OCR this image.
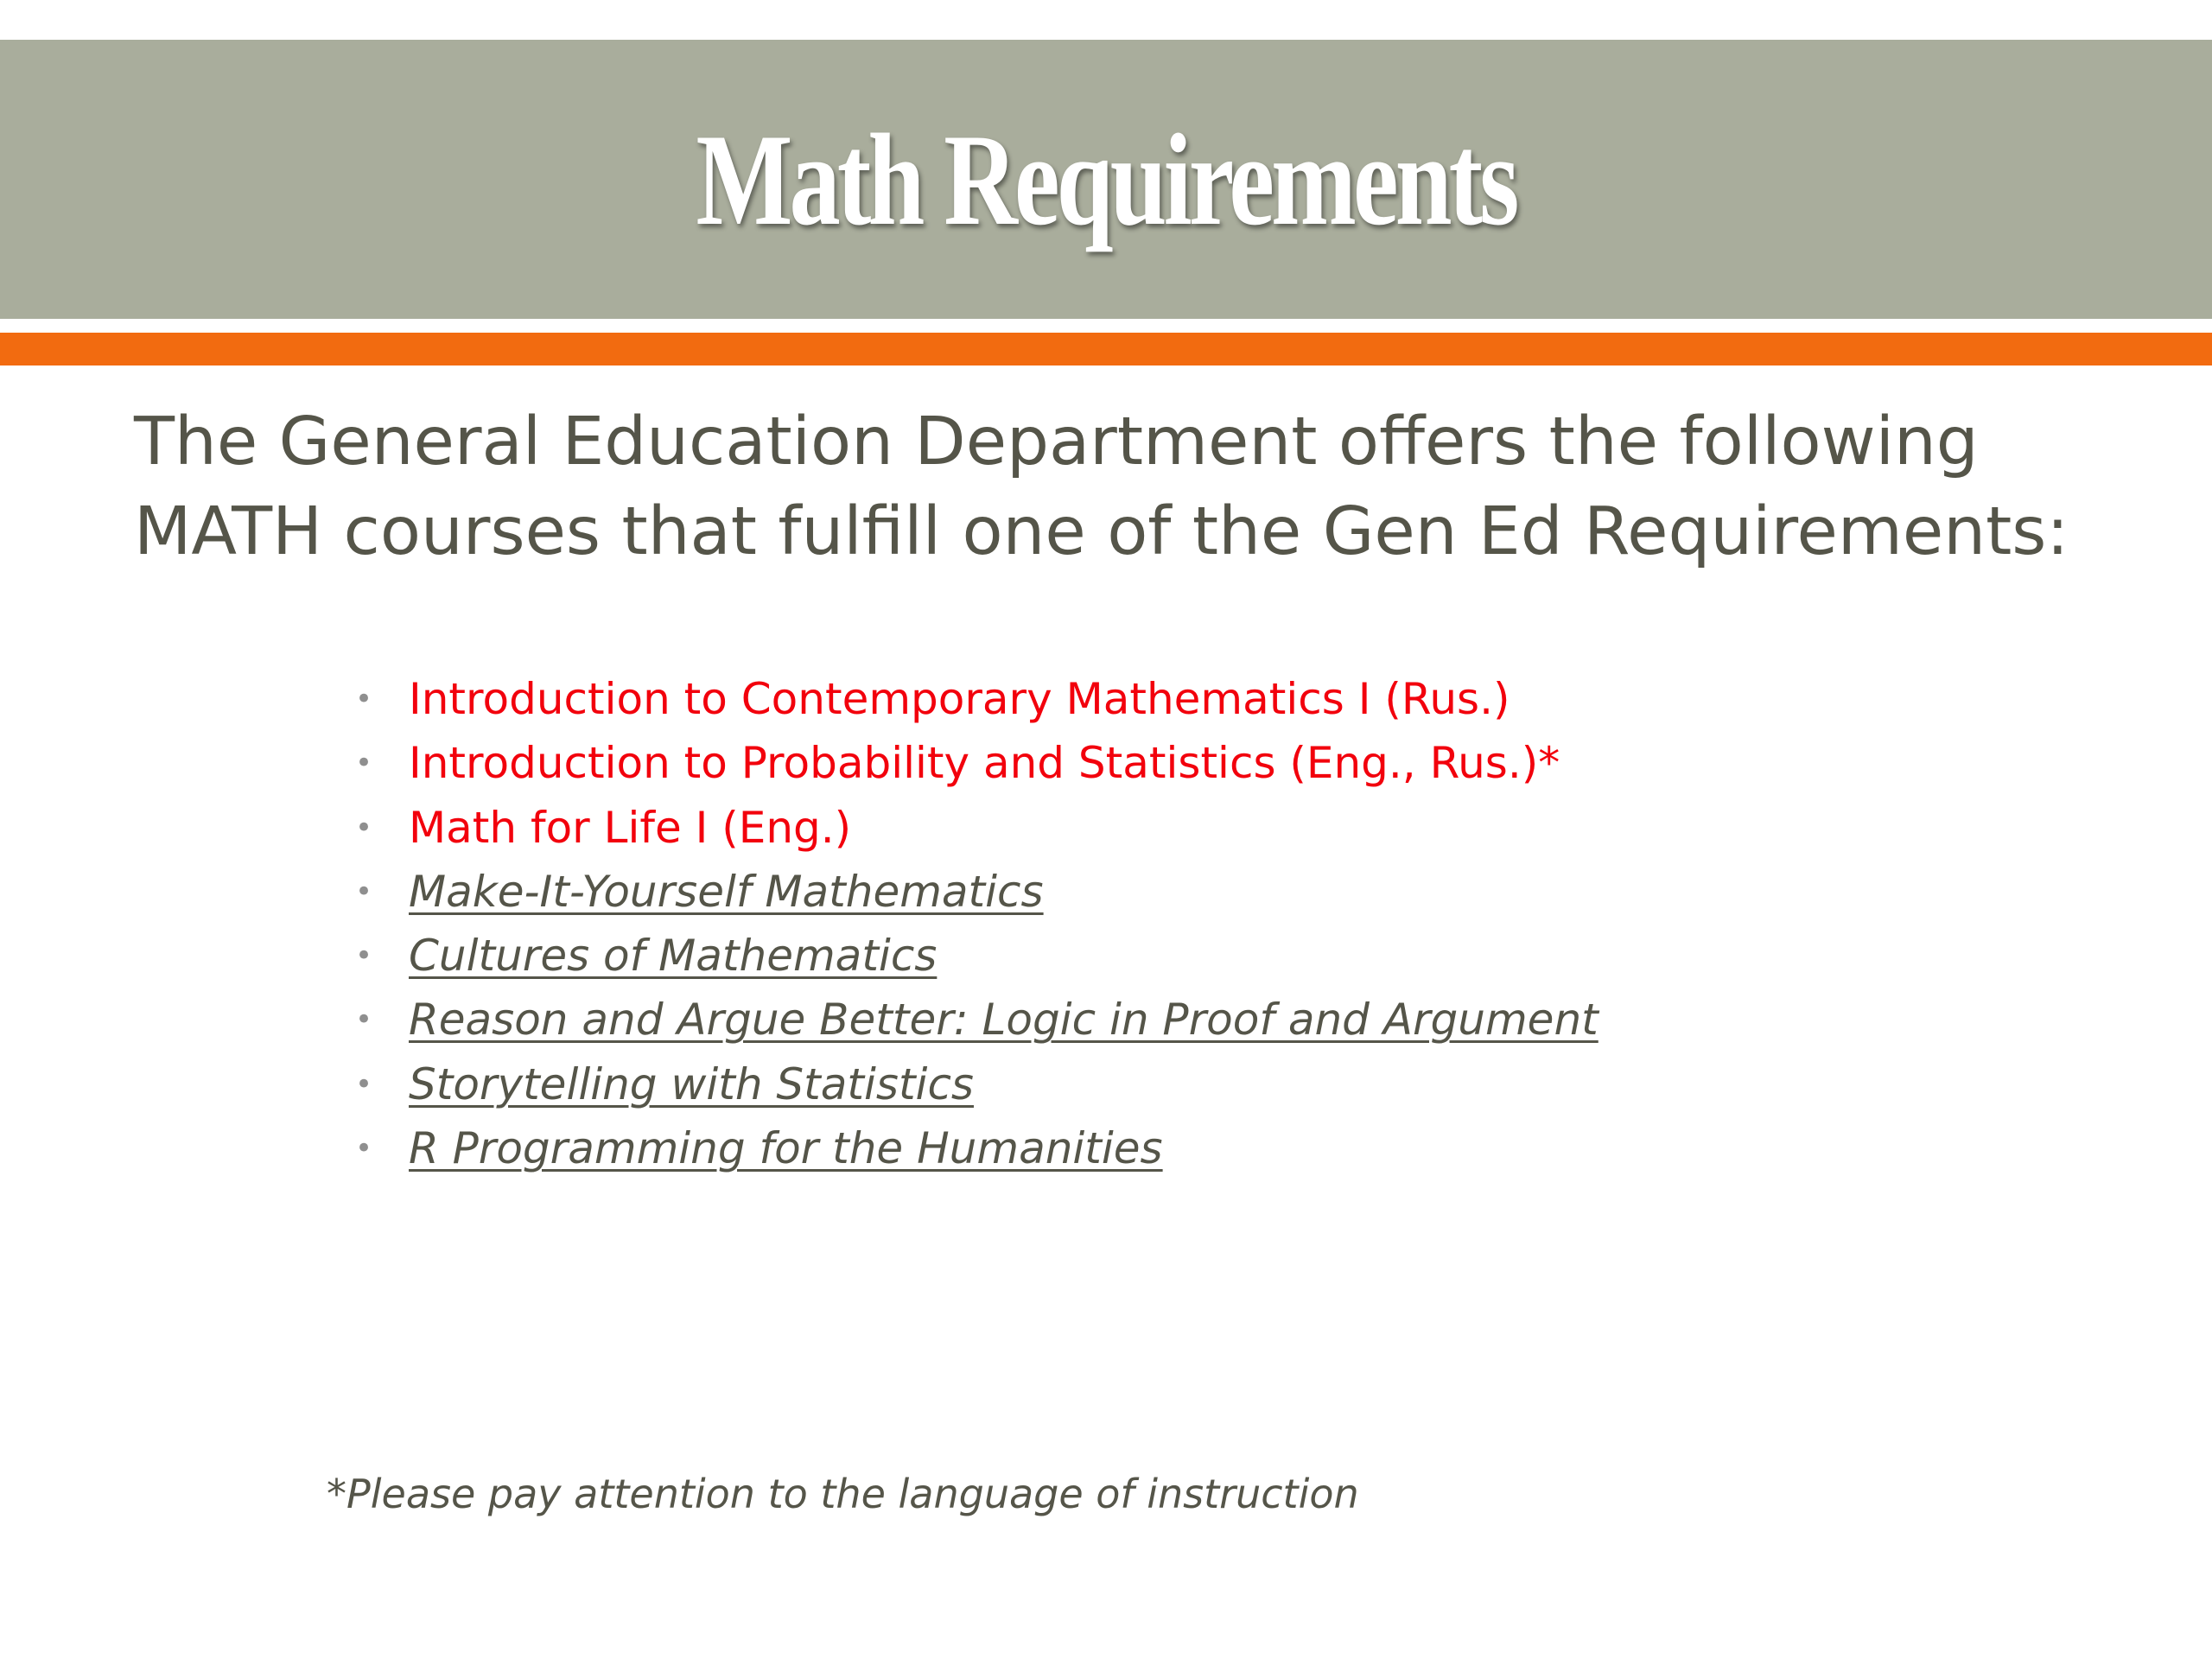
Math Requirements

The General Education Department offers the following MATH courses that fulfill one of the Gen Ed Requirements:

• Introduction to Contemporary Mathematics I (Rus.)
• Introduction to Probability and Statistics (Eng., Rus.)*
• Math for Life I (Eng.)
• Make-It-Yourself Mathematics
• Cultures of Mathematics
• Reason and Argue Better: Logic in Proof and Argument
• Storytelling with Statistics
• R Programming for the Humanities

*Please pay attention to the language of instruction
